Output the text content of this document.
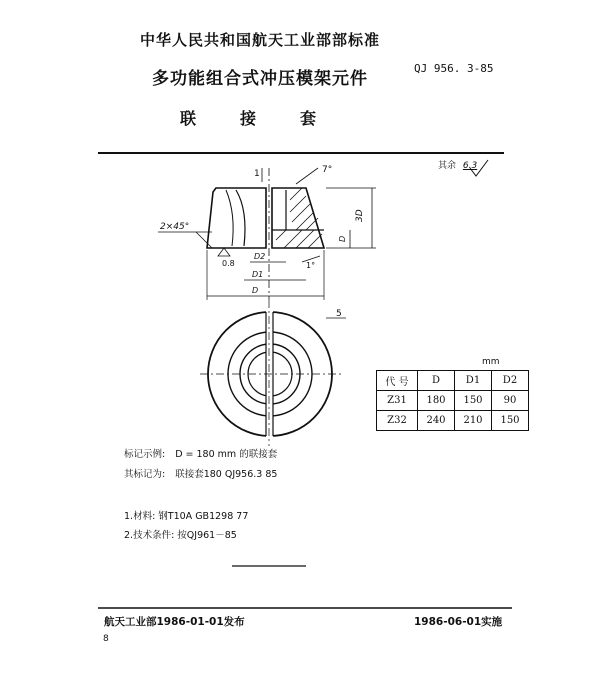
中华人民共和国航天工业部部标准
多功能组合式冲压模架元件
QJ 956. 3-85
联接套
其余 6.3
7°
1
2×45°
0.8
3D
D
1°
D2
D1
D
5
mm
代 号	D	D1	D2
Z31	180	150	90
Z32	240	210	150
标记示例: D = 180 mm 的联接套
其标记为: 联接套180 QJ956.3 85
1.材料: 钢T10A GB1298 77
2.技术条件: 按QJ961－85
航天工业部1986-01-01发布	1986-06-01实施
8
